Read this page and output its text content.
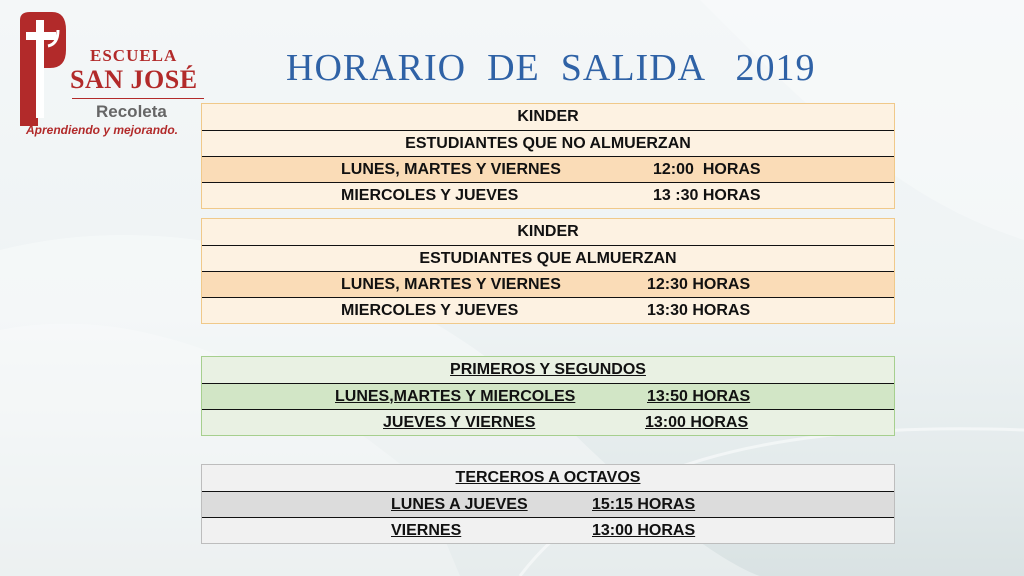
ESCUELA
SAN JOSÉ
Recoleta
Aprendiendo y mejorando.
HORARIO  DE  SALIDA   2019
KINDER
ESTUDIANTES QUE NO ALMUERZAN
LUNES, MARTES Y VIERNES	12:00  HORAS
MIERCOLES Y JUEVES	13 :30 HORAS
KINDER
ESTUDIANTES QUE ALMUERZAN
LUNES, MARTES Y VIERNES	12:30 HORAS
MIERCOLES Y JUEVES	13:30 HORAS
PRIMEROS Y SEGUNDOS
LUNES,MARTES Y MIERCOLES	13:50 HORAS
JUEVES Y VIERNES	13:00 HORAS
TERCEROS A OCTAVOS
LUNES A JUEVES	15:15 HORAS
VIERNES	13:00 HORAS
